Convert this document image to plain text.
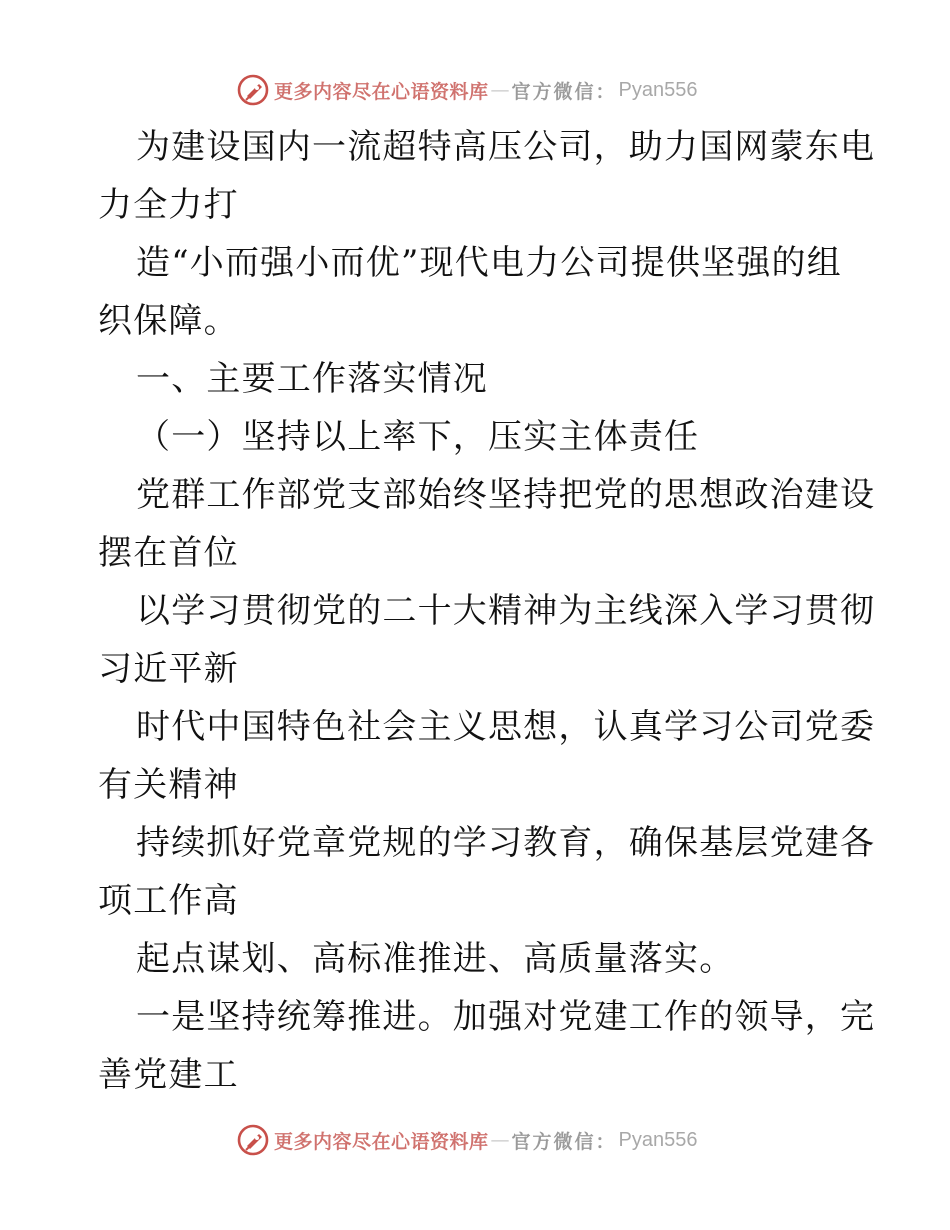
更多内容尽在心语资料库 — 官方微信： Pyan556
为建设国内一流超特高压公司，助力国网蒙东电
力全力打
造“小而强小而优”现代电力公司提供坚强的组
织保障。
一、主要工作落实情况
（一）坚持以上率下，压实主体责任
党群工作部党支部始终坚持把党的思想政治建设
摆在首位
以学习贯彻党的二十大精神为主线深入学习贯彻
习近平新
时代中国特色社会主义思想，认真学习公司党委
有关精神
持续抓好党章党规的学习教育，确保基层党建各
项工作高
起点谋划、高标准推进、高质量落实。
一是坚持统筹推进。加强对党建工作的领导，完
善党建工
更多内容尽在心语资料库 — 官方微信： Pyan556
